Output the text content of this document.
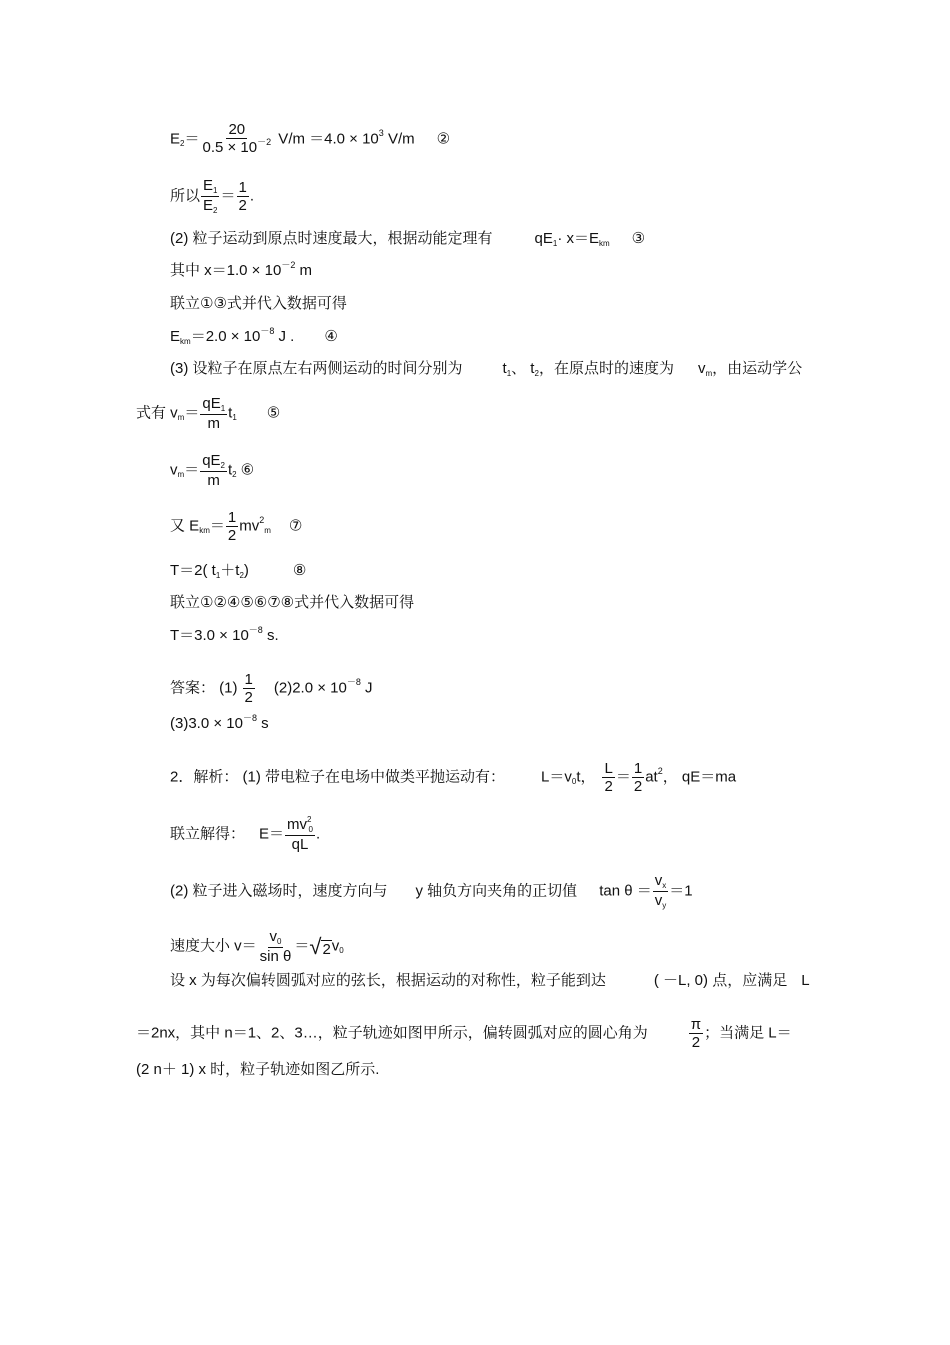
$E_2= \frac{20}{0.5 \times 10^{-2}} V/m =4.0 \times 10^3$ V/m ②
所以 $\frac{E_1}{E_2} = \frac{1}{2}$ .
(2) 粒子运动到原点时速度最大，根据动能定理有	$qE_1\cdot x=E_{km}$ ③
其中 $x=1.0 \times 10^{-2}$ m
联立①③式并代入数据可得
$E_{km}=2.0 \times 10^{-8}$ J . ④
(3) 设粒子在原点左右两侧运动的时间分别为	$t_1$、 $t_2$，在原点时的速度为 $v_m$，由运动学公
式有 $v_m= \frac{qE_1}{m} t_1$ ⑤
$v_m= \frac{qE_2}{m} t_2$ ⑥
又 $E_{km}= \frac{1}{2} mv^2_m$ ⑦
T＝2( $t_1+t_2$)	⑧
联立①②④⑤⑥⑦⑧式并代入数据可得
$T=3.0 \times 10^{-8}$ s.
答案： $(1) \frac{1}{2} (2)2.0 \times 10^{-8}$ J
$(3)3.0 \times 10^{-8}$ s
2．解析： (1) 带电粒子在电场中做类平抛运动有： $L=v_0t$， $\frac{L}{2} = \frac{1}{2} at^2$， qE＝ma
联立解得： $E= \frac{mv^2_0}{qL}$ .
(2) 粒子进入磁场时，速度方向与 y 轴负方向夹角的正切值 $\tan \theta = \frac{v_x}{v_y} =1$
速度大小 $v= \frac{v_0}{\text{sin θ}}$ ＝ √ 2 $v_0$
设 x 为每次偏转圆弧对应的弦长，根据运动的对称性，粒子能到达	( －L, 0) 点，应满足 L
＝2nx，其中 n＝1、2、3…，粒子轨迹如图甲所示，偏转圆弧对应的圆心角为	$\frac{\pi}{2}$ ；当满足 L＝
(2 n＋ 1) x 时，粒子轨迹如图乙所示.
